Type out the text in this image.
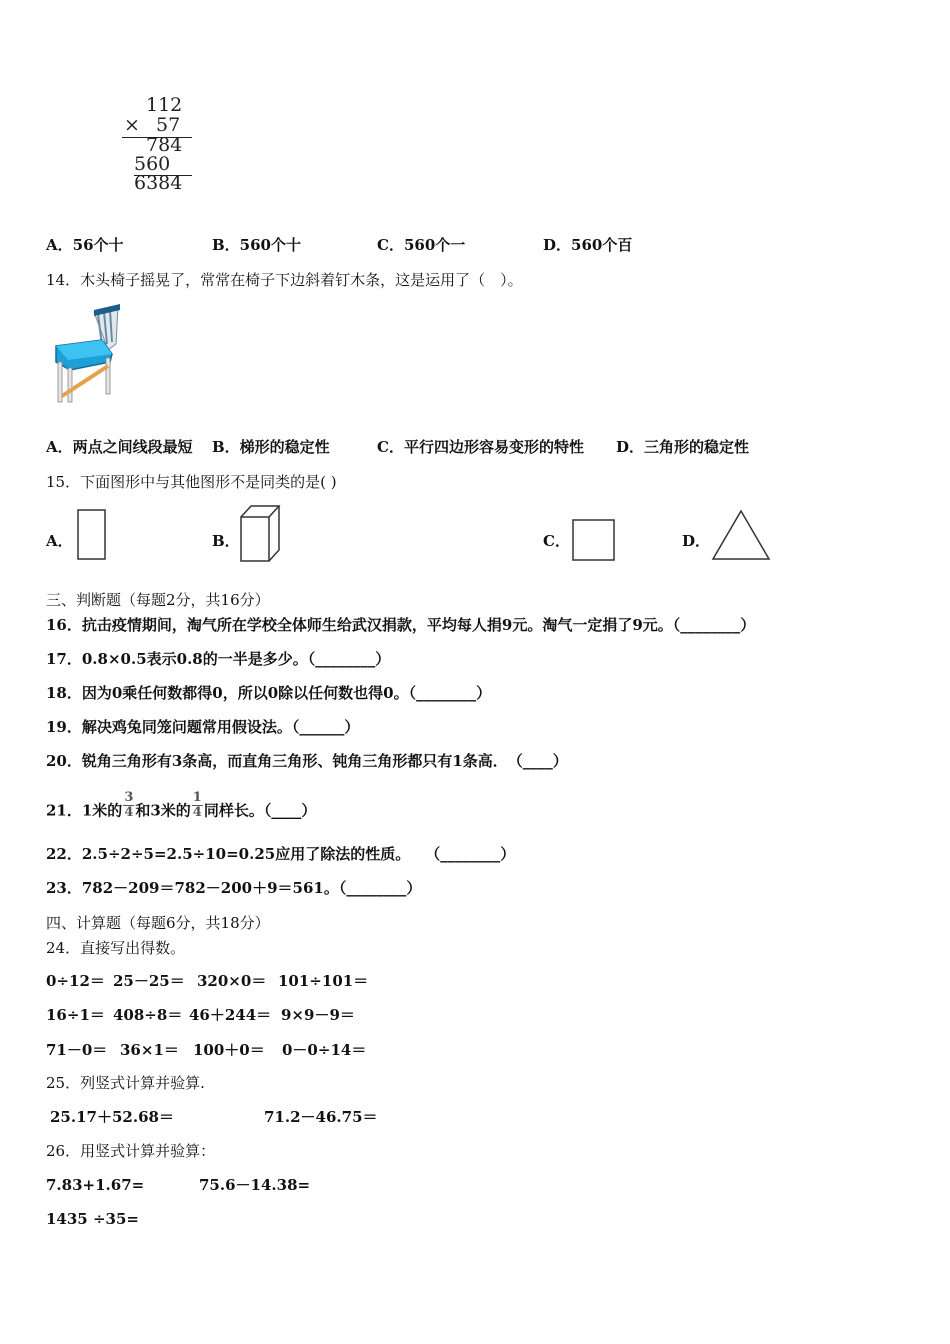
112
× 57
784
560
6384
A．56个十	B．560个十	C．560个一	D．560个百
14．木头椅子摇晃了，常常在椅子下边斜着钉木条，这是运用了（　）。
A．两点之间线段最短 B．梯形的稳定性	C．平行四边形容易变形的特性 D．三角形的稳定性
15．下面图形中与其他图形不是同类的是( )
A．	B．	C．	D．
三、判断题（每题2分，共16分）
16．抗击疫情期间，淘气所在学校全体师生给武汉捐款，平均每人捐9元。淘气一定捐了9元。（________）
17．0.8×0.5表示0.8的一半是多少。（________）
18．因为0乘任何数都得0，所以0除以任何数也得0。（________）
19．解决鸡兔同笼问题常用假设法。（______）
20．锐角三角形有3条高，而直角三角形、钝角三角形都只有1条高．　（____）
21．1米的 $\frac{3}{4}$ 和3米的 $\frac{1}{4}$ 同样长。（____）
22．2.5÷2÷5=2.5÷10=0.25应用了除法的性质。　　（________）
23．782－209＝782－200＋9＝561。（________）
四、计算题（每题6分，共18分）
24．直接写出得数。
0÷12＝ 25－25＝ 320×0＝ 101÷101＝
16÷1＝ 408÷8＝ 46＋244＝ 9×9－9＝
71－0＝ 36×1＝ 100＋0＝ 0－0÷14＝
25．列竖式计算并验算.
25.17＋52.68＝	71.2－46.75＝
26．用竖式计算并验算：
7.83+1.67=	75.6－14.38=
1435 ÷35=
